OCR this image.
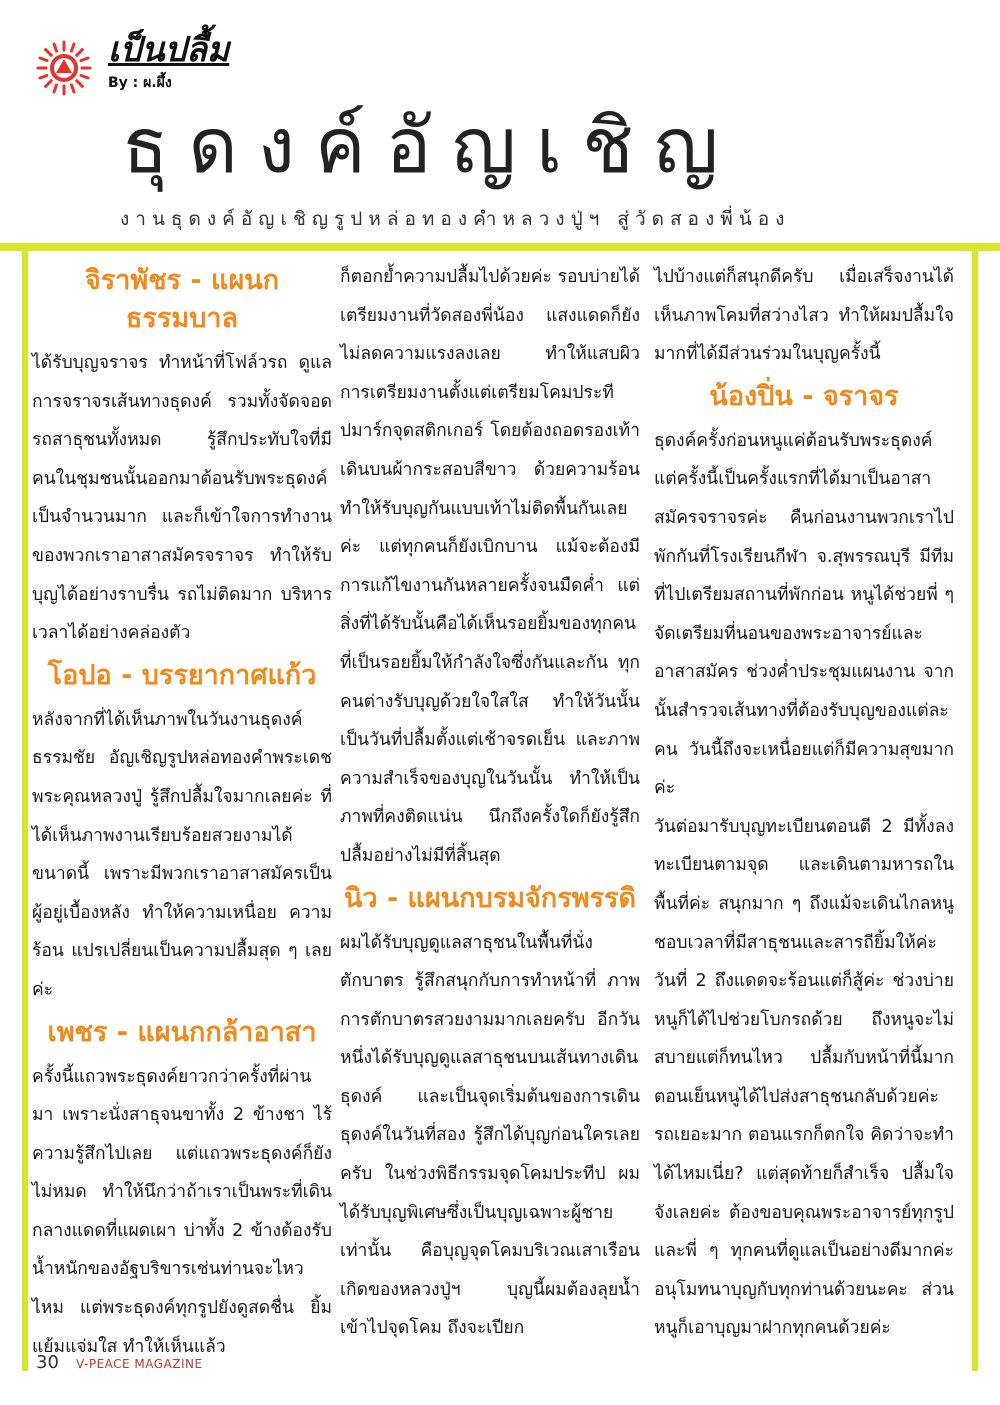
เป็นปลื้ม
By : ผ.ผึ้ง
ธุดงค์อัญเชิญ
งานธุดงค์อัญเชิญรูปหล่อทองคำหลวงปู่ฯ สู่วัดสองพี่น้อง
จิราพัชร - แผนกธรรมบาล

ได้รับบุญจราจร ทำหน้าที่โฟล์วรถ ดูแลการจราจรเส้นทางธุดงค์ รวมทั้งจัดจอดรถสาธุชนทั้งหมด รู้สึกประทับใจที่มีคนในชุมชนนั้นออกมาต้อนรับพระธุดงค์เป็นจำนวนมาก และก็เข้าใจการทำงานของพวกเราอาสาสมัครจราจร ทำให้รับบุญได้อย่างราบรื่น รถไม่ติดมาก บริหารเวลาได้อย่างคล่องตัว

โอปอ - บรรยากาศแก้ว

หลังจากที่ได้เห็นภาพในวันงานธุดงค์ธรรมชัย อัญเชิญรูปหล่อทองคำพระเดชพระคุณหลวงปู่ รู้สึกปลื้มใจมากเลยค่ะ ที่ได้เห็นภาพงานเรียบร้อยสวยงามได้ขนาดนี้ เพราะมีพวกเราอาสาสมัครเป็นผู้อยู่เบื้องหลัง ทำให้ความเหนื่อย ความร้อน แปรเปลี่ยนเป็นความปลื้มสุด ๆ เลยค่ะ

เพชร - แผนกกล้าอาสา

ครั้งนี้แถวพระธุดงค์ยาวกว่าครั้งที่ผ่านมา เพราะนั่งสาธุจนขาทั้ง 2 ข้างชา ไร้ความรู้สึกไปเลย แต่แถวพระธุดงค์ก็ยังไม่หมด ทำให้นึกว่าถ้าเราเป็นพระที่เดินกลางแดดที่แผดเผา บ่าทั้ง 2 ข้างต้องรับน้ำหนักของอัฐบริขารเช่นท่านจะไหวไหม แต่พระธุดงค์ทุกรูปยังดูสดชื่น ยิ้มแย้มแจ่มใส ทำให้เห็นแล้ว

ก็ตอกย้ำความปลื้มไปด้วยค่ะ รอบบ่ายได้เตรียมงานที่วัดสองพี่น้อง แสงแดดก็ยังไม่ลดความแรงลงเลย ทำให้แสบผิวการเตรียมงานตั้งแต่เตรียมโคมประทีปมาร์กจุดสติกเกอร์ โดยต้องถอดรองเท้าเดินบนผ้ากระสอบสีขาว ด้วยความร้อนทำให้รับบุญกันแบบเท้าไม่ติดพื้นกันเลยค่ะ แต่ทุกคนก็ยังเบิกบาน แม้จะต้องมีการแก้ไขงานกันหลายครั้งจนมืดค่ำ แต่สิ่งที่ได้รับนั้นคือได้เห็นรอยยิ้มของทุกคนที่เป็นรอยยิ้มให้กำลังใจซึ่งกันและกัน ทุกคนต่างรับบุญด้วยใจใสใส ทำให้วันนั้นเป็นวันที่ปลื้มตั้งแต่เช้าจรดเย็น และภาพความสำเร็จของบุญในวันนั้น ทำให้เป็นภาพที่คงติดแน่น นึกถึงครั้งใดก็ยังรู้สึกปลื้มอย่างไม่มีที่สิ้นสุด

นิว - แผนกบรมจักรพรรดิ

ผมได้รับบุญดูแลสาธุชนในพื้นที่นั่งตักบาตร รู้สึกสนุกกับการทำหน้าที่ ภาพการตักบาตรสวยงามมากเลยครับ อีกวันหนึ่งได้รับบุญดูแลสาธุชนบนเส้นทางเดินธุดงค์ และเป็นจุดเริ่มต้นของการเดินธุดงค์ในวันที่สอง รู้สึกได้บุญก่อนใครเลยครับ ในช่วงพิธีกรรมจุดโคมประทีป ผมได้รับบุญพิเศษซึ่งเป็นบุญเฉพาะผู้ชายเท่านั้น คือบุญจุดโคมบริเวณเสาเรือนเกิดของหลวงปู่ฯ บุญนี้ผมต้องลุยน้ำเข้าไปจุดโคม ถึงจะเปียก

ไปบ้างแต่ก็สนุกดีครับ เมื่อเสร็จงานได้เห็นภาพโคมที่สว่างไสว ทำให้ผมปลื้มใจมากที่ได้มีส่วนร่วมในบุญครั้งนี้

น้องปิ่น - จราจร

ธุดงค์ครั้งก่อนหนูแค่ต้อนรับพระธุดงค์ แต่ครั้งนี้เป็นครั้งแรกที่ได้มาเป็นอาสาสมัครจราจรค่ะ คืนก่อนงานพวกเราไปพักกันที่โรงเรียนกีฬา จ.สุพรรณบุรี มีทีมที่ไปเตรียมสถานที่พักก่อน หนูได้ช่วยพี่ ๆ จัดเตรียมที่นอนของพระอาจารย์และอาสาสมัคร ช่วงค่ำประชุมแผนงาน จากนั้นสำรวจเส้นทางที่ต้องรับบุญของแต่ละคน วันนี้ถึงจะเหนื่อยแต่ก็มีความสุขมากค่ะ

วันต่อมารับบุญทะเบียนตอนตี 2 มีทั้งลงทะเบียนตามจุด และเดินตามหารถในพื้นที่ค่ะ สนุกมาก ๆ ถึงแม้จะเดินไกลหนูชอบเวลาที่มีสาธุชนและสารถียิ้มให้ค่ะ วันที่ 2 ถึงแดดจะร้อนแต่ก็สู้ค่ะ ช่วงบ่ายหนูก็ได้ไปช่วยโบกรถด้วย ถึงหนูจะไม่สบายแต่ก็ทนไหว ปลื้มกับหน้าที่นี้มาก ตอนเย็นหนูได้ไปส่งสาธุชนกลับด้วยค่ะ รถเยอะมาก ตอนแรกก็ตกใจ คิดว่าจะทำได้ไหมเนี่ย? แต่สุดท้ายก็สำเร็จ ปลื้มใจจังเลยค่ะ ต้องขอบคุณพระอาจารย์ทุกรูปและพี่ ๆ ทุกคนที่ดูแลเป็นอย่างดีมากค่ะ อนุโมทนาบุญกับทุกท่านด้วยนะคะ ส่วนหนูก็เอาบุญมาฝากทุกคนด้วยค่ะ

30 V-PEACE MAGAZINE
